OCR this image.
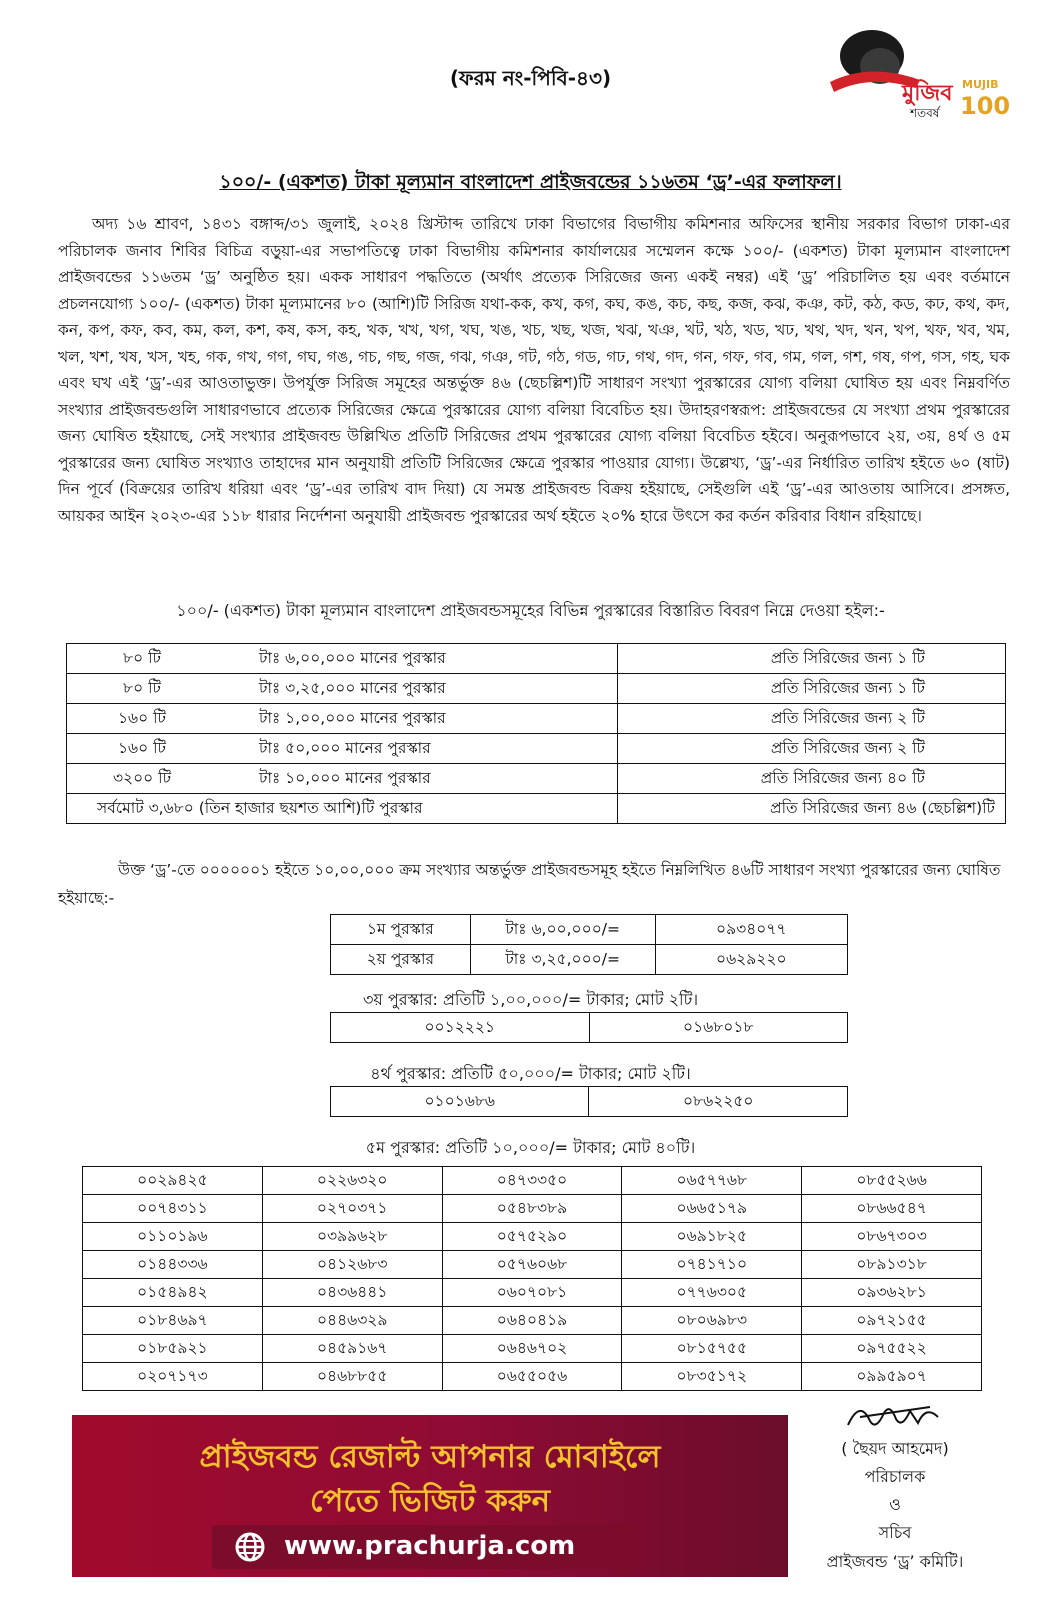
(ফরম নং-পিবি-৪৩)
মুজিব
শতবর্ষ
MUJIB
100
১০০/- (একশত) টাকা মূল্যমান বাংলাদেশ প্রাইজবন্ডের ১১৬তম ‘ড্র’-এর ফলাফল।
অদ্য ১৬ শ্রাবণ, ১৪৩১ বঙ্গাব্দ/৩১ জুলাই, ২০২৪ খ্রিস্টাব্দ তারিখে ঢাকা বিভাগের বিভাগীয় কমিশনার অফিসের স্থানীয় সরকার বিভাগ ঢাকা-এর পরিচালক জনাব শিবির বিচিত্র বড়ুয়া-এর সভাপতিত্বে ঢাকা বিভাগীয় কমিশনার কার্যালয়ের সম্মেলন কক্ষে ১০০/- (একশত) টাকা মূল্যমান বাংলাদেশ প্রাইজবন্ডের ১১৬তম ‘ড্র’ অনুষ্ঠিত হয়। একক সাধারণ পদ্ধতিতে (অর্থাৎ প্রত্যেক সিরিজের জন্য একই নম্বর) এই ‘ড্র’ পরিচালিত হয় এবং বর্তমানে প্রচলনযোগ্য ১০০/- (একশত) টাকা মূল্যমানের ৮০ (আশি)টি সিরিজ যথা-কক, কখ, কগ, কঘ, কঙ, কচ, কছ, কজ, কঝ, কঞ, কট, কঠ, কড, কঢ, কথ, কদ, কন, কপ, কফ, কব, কম, কল, কশ, কষ, কস, কহ, খক, খখ, খগ, খঘ, খঙ, খচ, খছ, খজ, খঝ, খঞ, খট, খঠ, খড, খঢ, খথ, খদ, খন, খপ, খফ, খব, খম, খল, খশ, খষ, খস, খহ, গক, গখ, গগ, গঘ, গঙ, গচ, গছ, গজ, গঝ, গঞ, গট, গঠ, গড, গঢ, গথ, গদ, গন, গফ, গব, গম, গল, গশ, গষ, গপ, গস, গহ, ঘক এবং ঘখ এই ‘ড্র’-এর আওতাভুক্ত। উপর্যুক্ত সিরিজ সমূহের অন্তর্ভুক্ত ৪৬ (ছেচল্লিশ)টি সাধারণ সংখ্যা পুরস্কারের যোগ্য বলিয়া ঘোষিত হয় এবং নিম্নবর্ণিত সংখ্যার প্রাইজবন্ডগুলি সাধারণভাবে প্রত্যেক সিরিজের ক্ষেত্রে পুরস্কারের যোগ্য বলিয়া বিবেচিত হয়। উদাহরণস্বরূপ: প্রাইজবন্ডের যে সংখ্যা প্রথম পুরস্কারের জন্য ঘোষিত হইয়াছে, সেই সংখ্যার প্রাইজবন্ড উল্লিখিত প্রতিটি সিরিজের প্রথম পুরস্কারের যোগ্য বলিয়া বিবেচিত হইবে। অনুরূপভাবে ২য়, ৩য়, ৪র্থ ও ৫ম পুরস্কারের জন্য ঘোষিত সংখ্যাও তাহাদের মান অনুযায়ী প্রতিটি সিরিজের ক্ষেত্রে পুরস্কার পাওয়ার যোগ্য। উল্লেখ্য, ‘ড্র’-এর নির্ধারিত তারিখ হইতে ৬০ (ষাট) দিন পূর্বে (বিক্রয়ের তারিখ ধরিয়া এবং ‘ড্র’-এর তারিখ বাদ দিয়া) যে সমস্ত প্রাইজবন্ড বিক্রয় হইয়াছে, সেইগুলি এই ‘ড্র’-এর আওতায় আসিবে। প্রসঙ্গত, আয়কর আইন ২০২৩-এর ১১৮ ধারার নির্দেশনা অনুযায়ী প্রাইজবন্ড পুরস্কারের অর্থ হইতে ২০% হারে উৎসে কর কর্তন করিবার বিধান রহিয়াছে।
১০০/- (একশত) টাকা মূল্যমান বাংলাদেশ প্রাইজবন্ডসমূহের বিভিন্ন পুরস্কারের বিস্তারিত বিবরণ নিম্নে দেওয়া হইল:-
৮০ টি টাঃ ৬,০০,০০০ মানের পুরস্কার	প্রতি সিরিজের জন্য ১ টি
৮০ টি টাঃ ৩,২৫,০০০ মানের পুরস্কার	প্রতি সিরিজের জন্য ১ টি
১৬০ টি টাঃ ১,০০,০০০ মানের পুরস্কার	প্রতি সিরিজের জন্য ২ টি
১৬০ টি টাঃ ৫০,০০০ মানের পুরস্কার	প্রতি সিরিজের জন্য ২ টি
৩২০০ টি টাঃ ১০,০০০ মানের পুরস্কার	প্রতি সিরিজের জন্য ৪০ টি
সর্বমোট ৩,৬৮০ (তিন হাজার ছয়শত আশি)টি পুরস্কার	প্রতি সিরিজের জন্য ৪৬ (ছেচল্লিশ)টি
উক্ত ‘ড্র’-তে ০০০০০০১ হইতে ১০,০০,০০০ ক্রম সংখ্যার অন্তর্ভুক্ত প্রাইজবন্ডসমূহ হইতে নিম্নলিখিত ৪৬টি সাধারণ সংখ্যা পুরস্কারের জন্য ঘোষিত হইয়াছে:-
১ম পুরস্কার	টাঃ ৬,০০,০০০/=	০৯৩৪০৭৭
২য় পুরস্কার	টাঃ ৩,২৫,০০০/=	০৬২৯২২০
৩য় পুরস্কার: প্রতিটি ১,০০,০০০/= টাকার; মোট ২টি।
০০১২২২১	০১৬৮০১৮
৪র্থ পুরস্কার: প্রতিটি ৫০,০০০/= টাকার; মোট ২টি।
০১০১৬৮৬	০৮৬২২৫০
৫ম পুরস্কার: প্রতিটি ১০,০০০/= টাকার; মোট ৪০টি।
০০২৯৪২৫	০২২৬৩২০	০৪৭৩৩৫০	০৬৫৭৭৬৮	০৮৫৫২৬৬
০০৭৪৩১১	০২৭০৩৭১	০৫৪৮৩৮৯	০৬৬৫১৭৯	০৮৬৬৫৪৭
০১১০১৯৬	০৩৯৯৬২৮	০৫৭৫২৯০	০৬৯১৮২৫	০৮৬৭৩০৩
০১৪৪৩৩৬	০৪১২৬৮৩	০৫৭৬০৬৮	০৭৪১৭১০	০৮৯১৩১৮
০১৫৪৯৪২	০৪৩৬৪৪১	০৬০৭০৮১	০৭৭৬৩০৫	০৯৩৬২৮১
০১৮৪৬৯৭	০৪৪৬৩২৯	০৬৪০৪১৯	০৮০৬৯৮৩	০৯৭২১৫৫
০১৮৫৯২১	০৪৫৯১৬৭	০৬৪৬৭০২	০৮১৫৭৫৫	০৯৭৫৫২২
০২০৭১৭৩	০৪৬৮৮৫৫	০৬৫৫০৫৬	০৮৩৫১৭২	০৯৯৫৯০৭
প্রাইজবন্ড রেজাল্ট আপনার মোবাইলে
পেতে ভিজিট করুন
www.prachurja.com
( ছৈয়দ আহমেদ)
পরিচালক
ও
সচিব
প্রাইজবন্ড ‘ড্র’ কমিটি।
